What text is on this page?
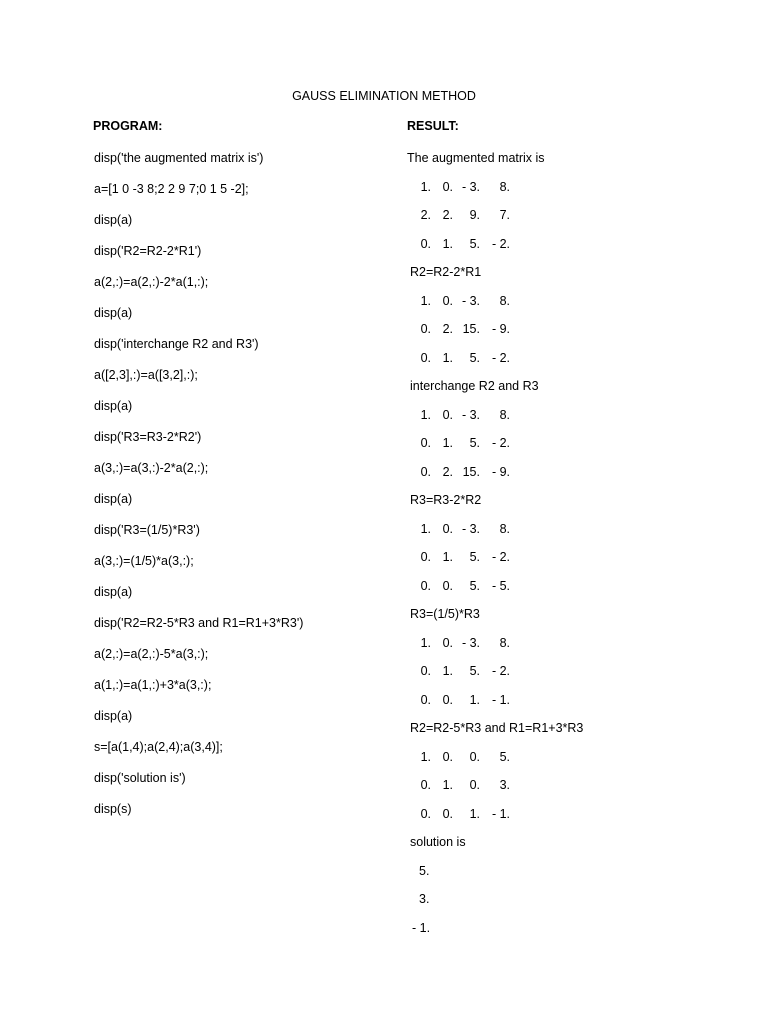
GAUSS ELIMINATION METHOD
PROGRAM:	RESULT:
disp('the augmented matrix is')
a=[1 0 -3 8;2 2 9 7;0 1 5 -2];
disp(a)
disp('R2=R2-2*R1')
a(2,:)=a(2,:)-2*a(1,:);
disp(a)
disp('interchange R2 and R3')
a([2,3],:)=a([3,2],:);
disp(a)
disp('R3=R3-2*R2')
a(3,:)=a(3,:)-2*a(2,:);
disp(a)
disp('R3=(1/5)*R3')
a(3,:)=(1/5)*a(3,:);
disp(a)
disp('R2=R2-5*R3 and R1=R1+3*R3')
a(2,:)=a(2,:)-5*a(3,:);
a(1,:)=a(1,:)+3*a(3,:);
disp(a)
s=[a(1,4);a(2,4);a(3,4)];
disp('solution is')
disp(s)
The augmented matrix is
1. 0. - 3.	8.
2. 2.	9.	7.
0. 1.	5. - 2.
R2=R2-2*R1
1. 0. - 3.	8.
0. 2. 15. - 9.
0. 1.	5. - 2.
interchange R2 and R3
1. 0. - 3.	8.
0. 1.	5. - 2.
0. 2. 15. - 9.
R3=R3-2*R2
1. 0. - 3.	8.
0. 1.	5. - 2.
0. 0.	5. - 5.
R3=(1/5)*R3
1. 0. - 3.	8.
0. 1.	5. - 2.
0. 0.	1. - 1.
R2=R2-5*R3 and R1=R1+3*R3
1. 0.	0.	5.
0. 1.	0.	3.
0. 0.	1. - 1.
solution is
5.
3.
- 1.
